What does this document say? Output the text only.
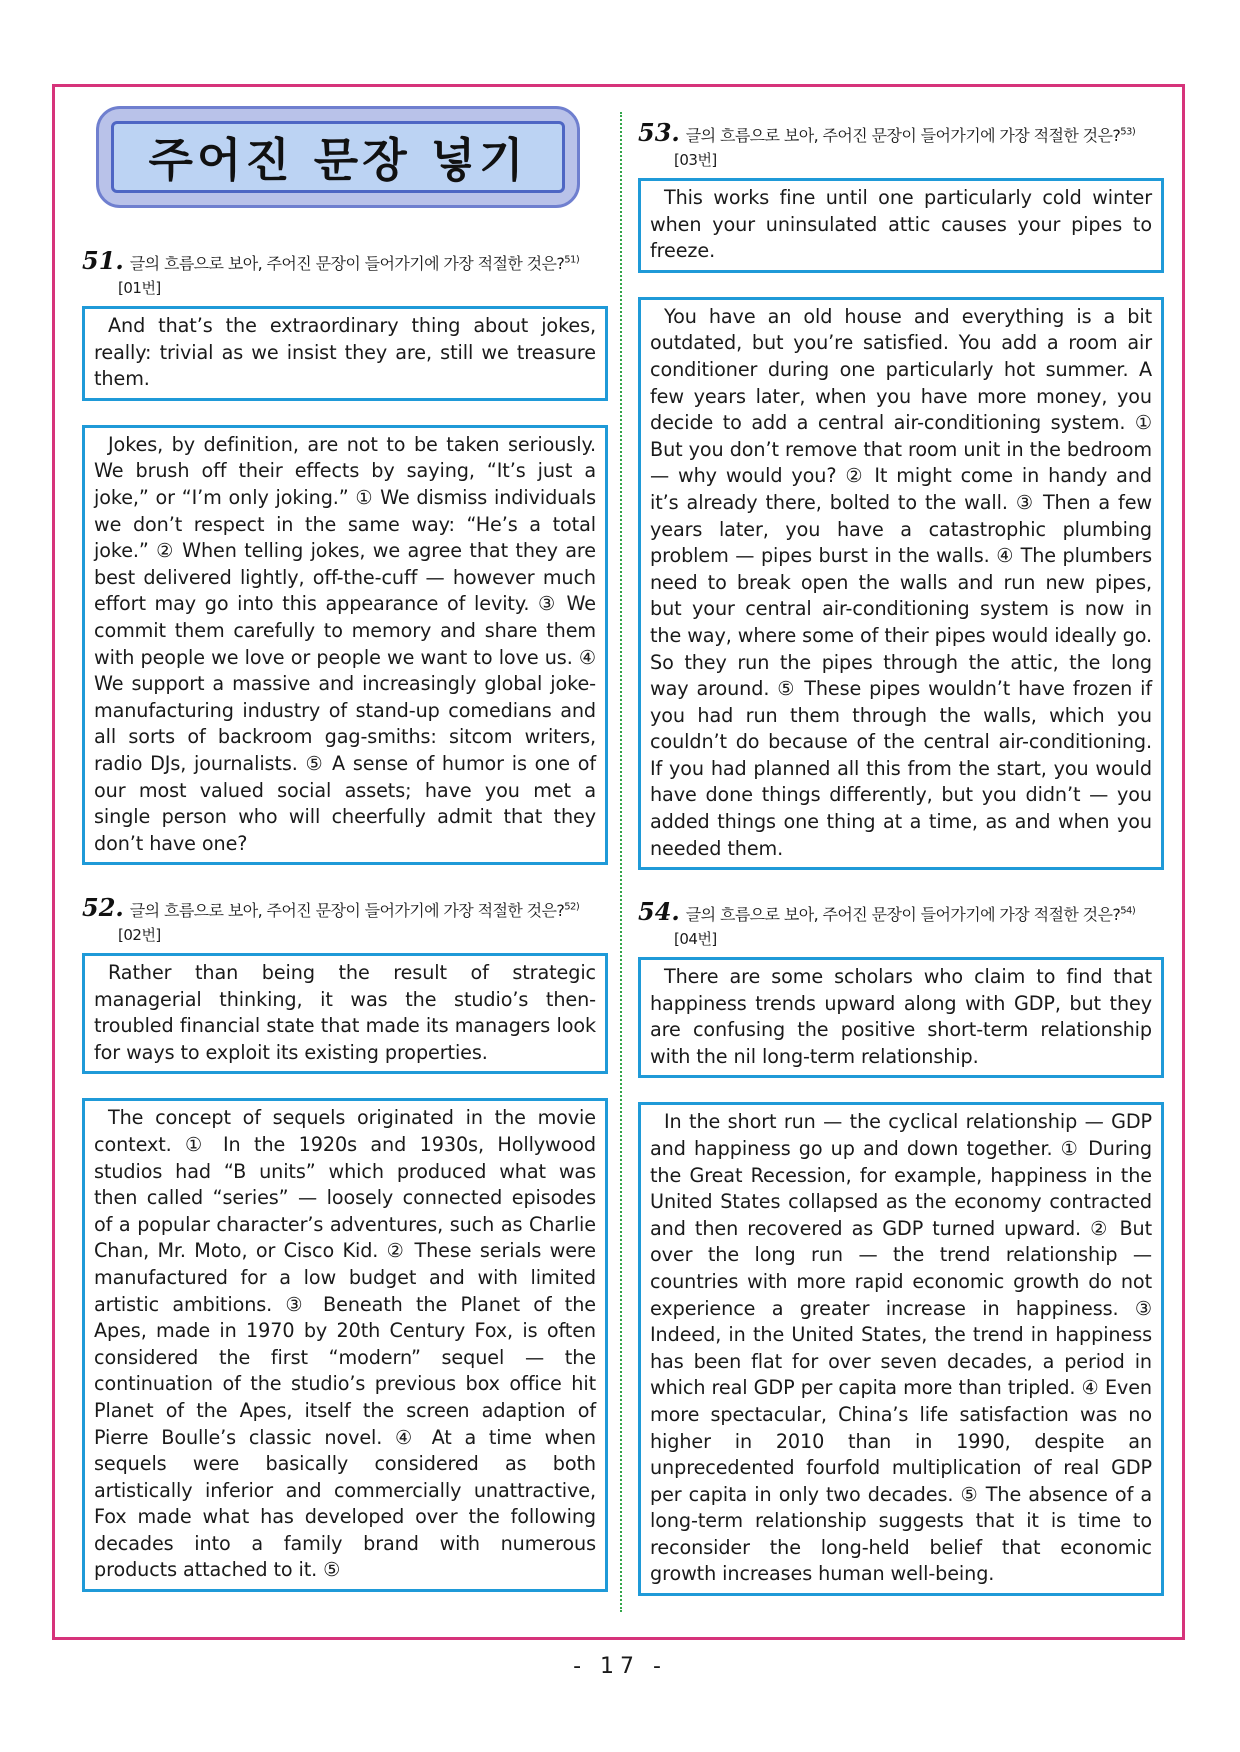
주어진 문장 넣기
51. 글의 흐름으로 보아, 주어진 문장이 들어가기에 가장 적절한 것은?$^{51)}$
[01번]
And that’s the extraordinary thing about jokes, really: trivial as we insist they are, still we treasure them.
Jokes, by definition, are not to be taken seriously. We brush off their effects by saying, “It’s just a joke,” or “I’m only joking.” ① We dismiss individuals we don’t respect in the same way: “He’s a total joke.” ② When telling jokes, we agree that they are best delivered lightly, off-the-cuff — however much effort may go into this appearance of levity. ③ We commit them carefully to memory and share them with people we love or people we want to love us. ④ We support a massive and increasingly global joke-manufacturing industry of stand-up comedians and all sorts of backroom gag-smiths: sitcom writers, radio DJs, journalists. ⑤ A sense of humor is one of our most valued social assets; have you met a single person who will cheerfully admit that they don’t have one?
52. 글의 흐름으로 보아, 주어진 문장이 들어가기에 가장 적절한 것은?$^{52)}$
[02번]
Rather than being the result of strategic managerial thinking, it was the studio’s then-troubled financial state that made its managers look for ways to exploit its existing properties.
The concept of sequels originated in the movie context. ① In the 1920s and 1930s, Hollywood studios had “B units” which produced what was then called “series” — loosely connected episodes of a popular character’s adventures, such as Charlie Chan, Mr. Moto, or Cisco Kid. ② These serials were manufactured for a low budget and with limited artistic ambitions. ③ Beneath the Planet of the Apes, made in 1970 by 20th Century Fox, is often considered the first “modern” sequel — the continuation of the studio’s previous box office hit Planet of the Apes, itself the screen adaption of Pierre Boulle’s classic novel. ④ At a time when sequels were basically considered as both artistically inferior and commercially unattractive, Fox made what has developed over the following decades into a family brand with numerous products attached to it. ⑤
53. 글의 흐름으로 보아, 주어진 문장이 들어가기에 가장 적절한 것은?$^{53)}$
[03번]
This works fine until one particularly cold winter when your uninsulated attic causes your pipes to freeze.
You have an old house and everything is a bit outdated, but you’re satisfied. You add a room air conditioner during one particularly hot summer. A few years later, when you have more money, you decide to add a central air-conditioning system. ① But you don’t remove that room unit in the bedroom — why would you? ② It might come in handy and it’s already there, bolted to the wall. ③ Then a few years later, you have a catastrophic plumbing problem — pipes burst in the walls. ④ The plumbers need to break open the walls and run new pipes, but your central air-conditioning system is now in the way, where some of their pipes would ideally go. So they run the pipes through the attic, the long way around. ⑤ These pipes wouldn’t have frozen if you had run them through the walls, which you couldn’t do because of the central air-conditioning. If you had planned all this from the start, you would have done things differently, but you didn’t — you added things one thing at a time, as and when you needed them.
54. 글의 흐름으로 보아, 주어진 문장이 들어가기에 가장 적절한 것은?$^{54)}$
[04번]
There are some scholars who claim to find that happiness trends upward along with GDP, but they are confusing the positive short-term relationship with the nil long-term relationship.
In the short run — the cyclical relationship — GDP and happiness go up and down together. ① During the Great Recession, for example, happiness in the United States collapsed as the economy contracted and then recovered as GDP turned upward. ② But over the long run — the trend relationship — countries with more rapid economic growth do not experience a greater increase in happiness. ③ Indeed, in the United States, the trend in happiness has been flat for over seven decades, a period in which real GDP per capita more than tripled. ④ Even more spectacular, China’s life satisfaction was no higher in 2010 than in 1990, despite an unprecedented fourfold multiplication of real GDP per capita in only two decades. ⑤ The absence of a long-term relationship suggests that it is time to reconsider the long-held belief that economic growth increases human well-being.
- 17 -
